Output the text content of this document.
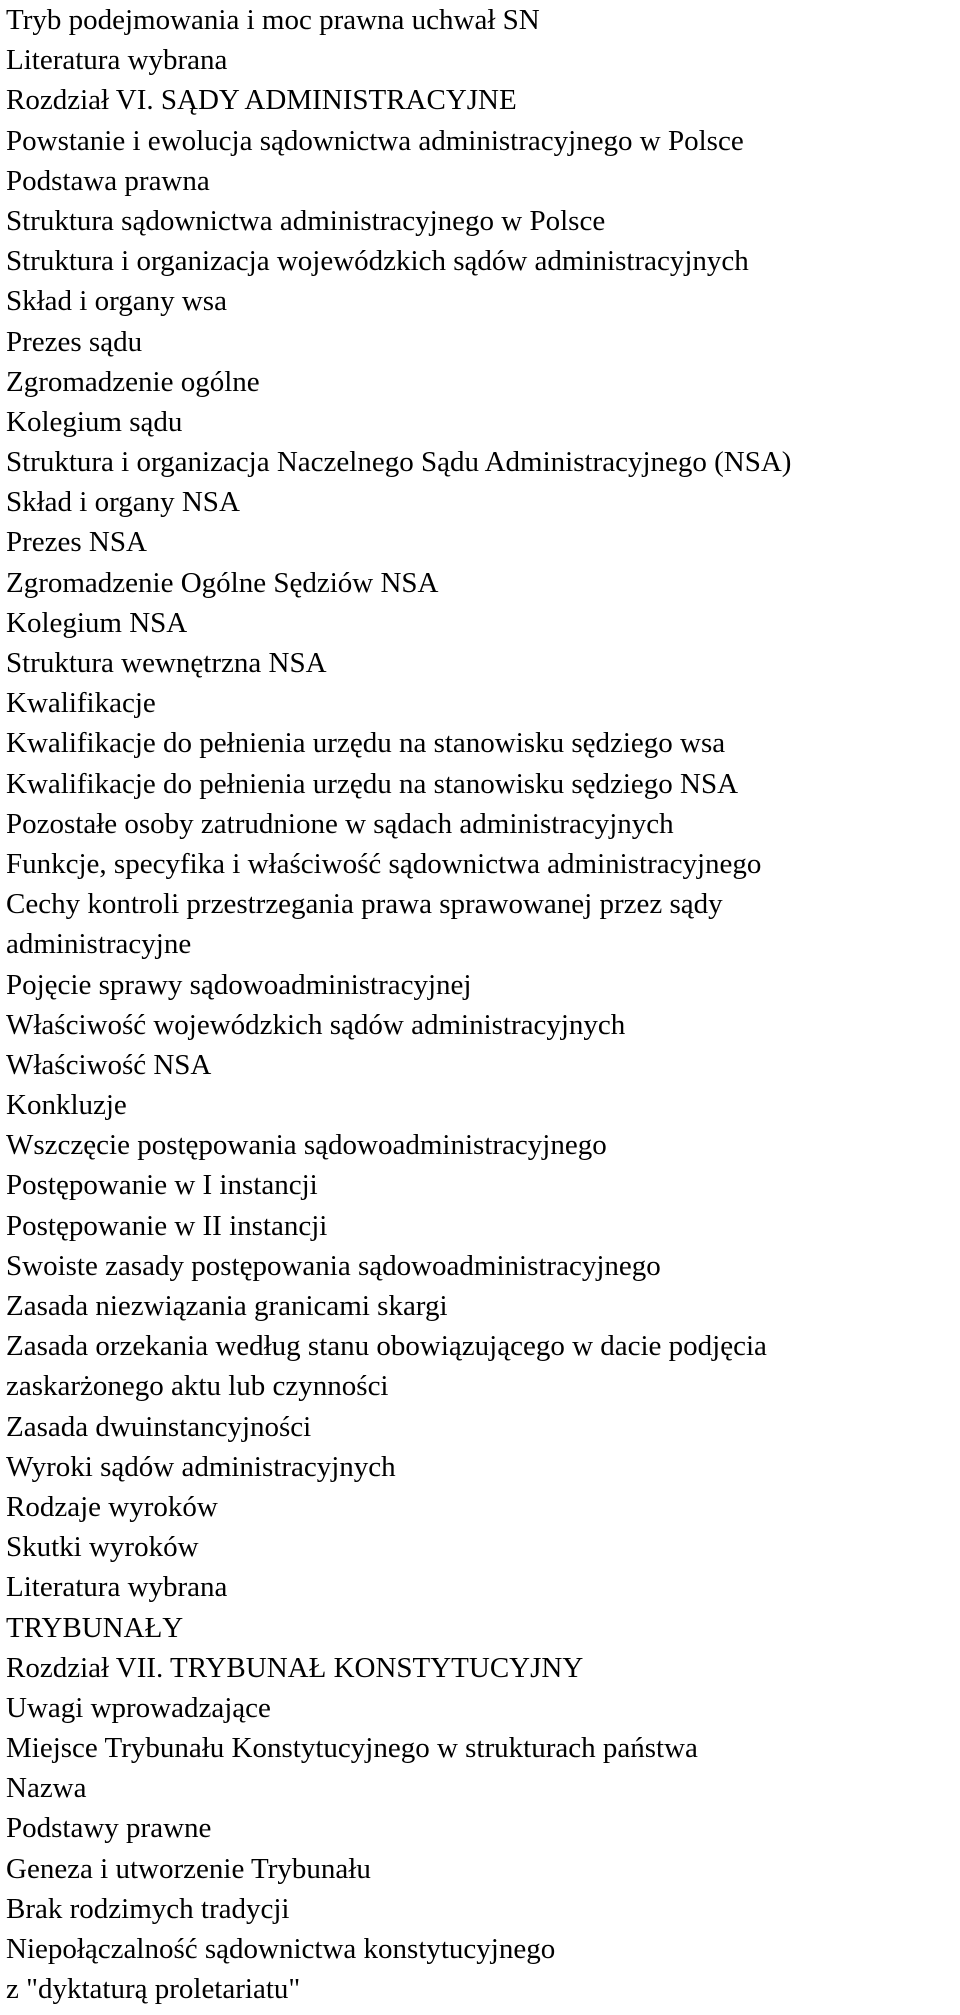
Tryb podejmowania i moc prawna uchwał SN
Literatura wybrana
Rozdział VI. SĄDY ADMINISTRACYJNE
Powstanie i ewolucja sądownictwa administracyjnego w Polsce
Podstawa prawna
Struktura sądownictwa administracyjnego w Polsce
Struktura i organizacja wojewódzkich sądów administracyjnych
Skład i organy wsa
Prezes sądu
Zgromadzenie ogólne
Kolegium sądu
Struktura i organizacja Naczelnego Sądu Administracyjnego (NSA)
Skład i organy NSA
Prezes NSA
Zgromadzenie Ogólne Sędziów NSA
Kolegium NSA
Struktura wewnętrzna NSA
Kwalifikacje
Kwalifikacje do pełnienia urzędu na stanowisku sędziego wsa
Kwalifikacje do pełnienia urzędu na stanowisku sędziego NSA
Pozostałe osoby zatrudnione w sądach administracyjnych
Funkcje, specyfika i właściwość sądownictwa administracyjnego
Cechy kontroli przestrzegania prawa sprawowanej przez sądy
administracyjne
Pojęcie sprawy sądowoadministracyjnej
Właściwość wojewódzkich sądów administracyjnych
Właściwość NSA
Konkluzje
Wszczęcie postępowania sądowoadministracyjnego
Postępowanie w I instancji
Postępowanie w II instancji
Swoiste zasady postępowania sądowoadministracyjnego
Zasada niezwiązania granicami skargi
Zasada orzekania według stanu obowiązującego w dacie podjęcia
zaskarżonego aktu lub czynności
Zasada dwuinstancyjności
Wyroki sądów administracyjnych
Rodzaje wyroków
Skutki wyroków
Literatura wybrana
TRYBUNAŁY
Rozdział VII. TRYBUNAŁ KONSTYTUCYJNY
Uwagi wprowadzające
Miejsce Trybunału Konstytucyjnego w strukturach państwa
Nazwa
Podstawy prawne
Geneza i utworzenie Trybunału
Brak rodzimych tradycji
Niepołączalność sądownictwa konstytucyjnego
z "dyktaturą proletariatu"
